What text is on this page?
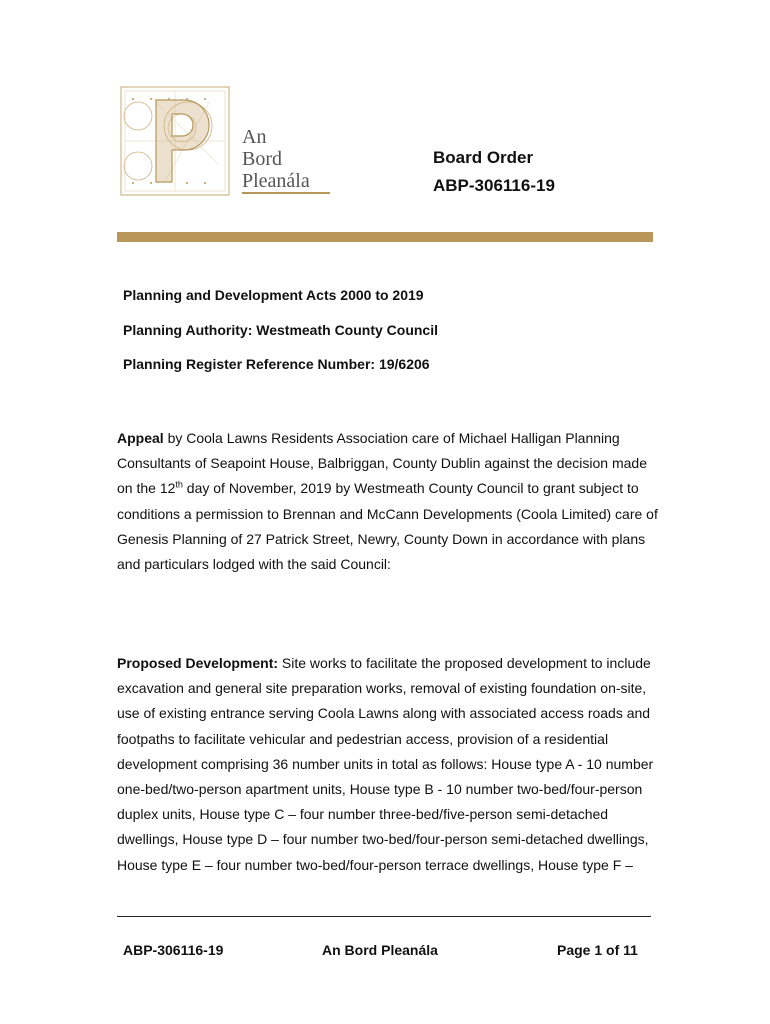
P
An
Bord
Pleanála
Board Order
ABP-306116-19
Planning and Development Acts 2000 to 2019
Planning Authority: Westmeath County Council
Planning Register Reference Number: 19/6206

Appeal by Coola Lawns Residents Association care of Michael Halligan Planning Consultants of Seapoint House, Balbriggan, County Dublin against the decision made on the 12th day of November, 2019 by Westmeath County Council to grant subject to conditions a permission to Brennan and McCann Developments (Coola Limited) care of Genesis Planning of 27 Patrick Street, Newry, County Down in accordance with plans and particulars lodged with the said Council:

Proposed Development: Site works to facilitate the proposed development to include excavation and general site preparation works, removal of existing foundation on-site, use of existing entrance serving Coola Lawns along with associated access roads and footpaths to facilitate vehicular and pedestrian access, provision of a residential development comprising 36 number units in total as follows: House type A - 10 number one-bed/two-person apartment units, House type B - 10 number two-bed/four-person duplex units, House type C – four number three-bed/five-person semi-detached dwellings, House type D – four number two-bed/four-person semi-detached dwellings, House type E – four number two-bed/four-person terrace dwellings, House type F –

ABP-306116-19	An Bord Pleanála	Page 1 of 11
